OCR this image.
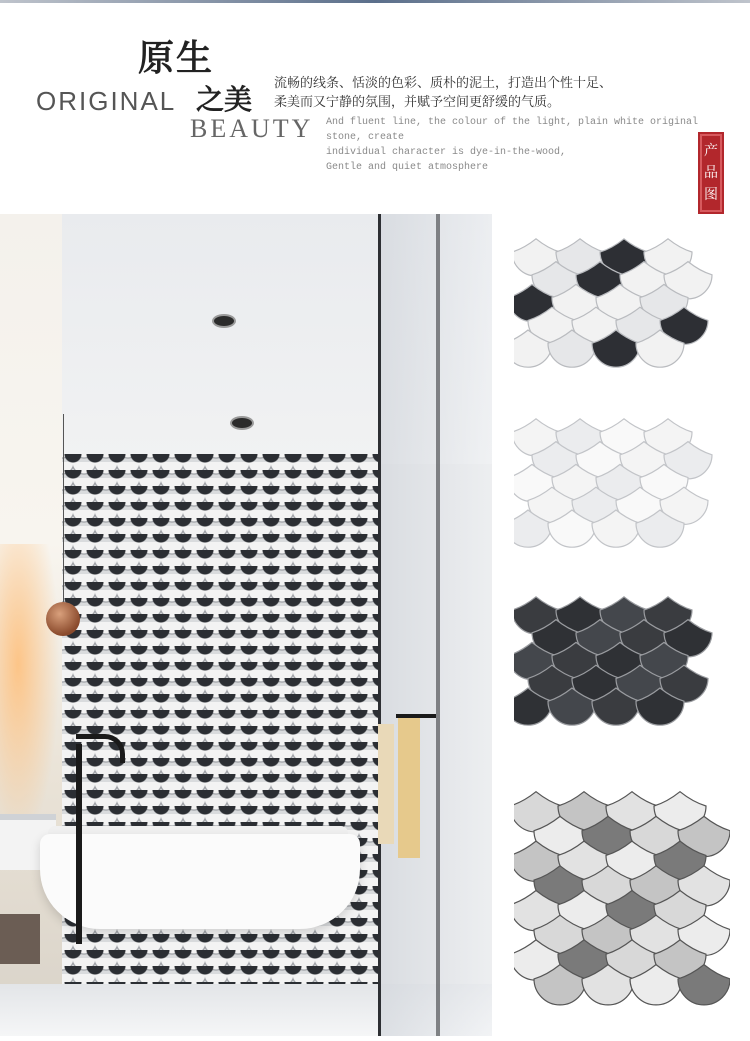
原生
ORIGINAL 之美
BEAUTY
流畅的线条、恬淡的色彩、质朴的泥土，打造出个性十足、
柔美而又宁静的氛围，并赋予空间更舒缓的气质。
And fluent line, the colour of the light, plain white original stone, create
individual character is dye-in-the-wood,
Gentle and quiet atmosphere
产
品
图
